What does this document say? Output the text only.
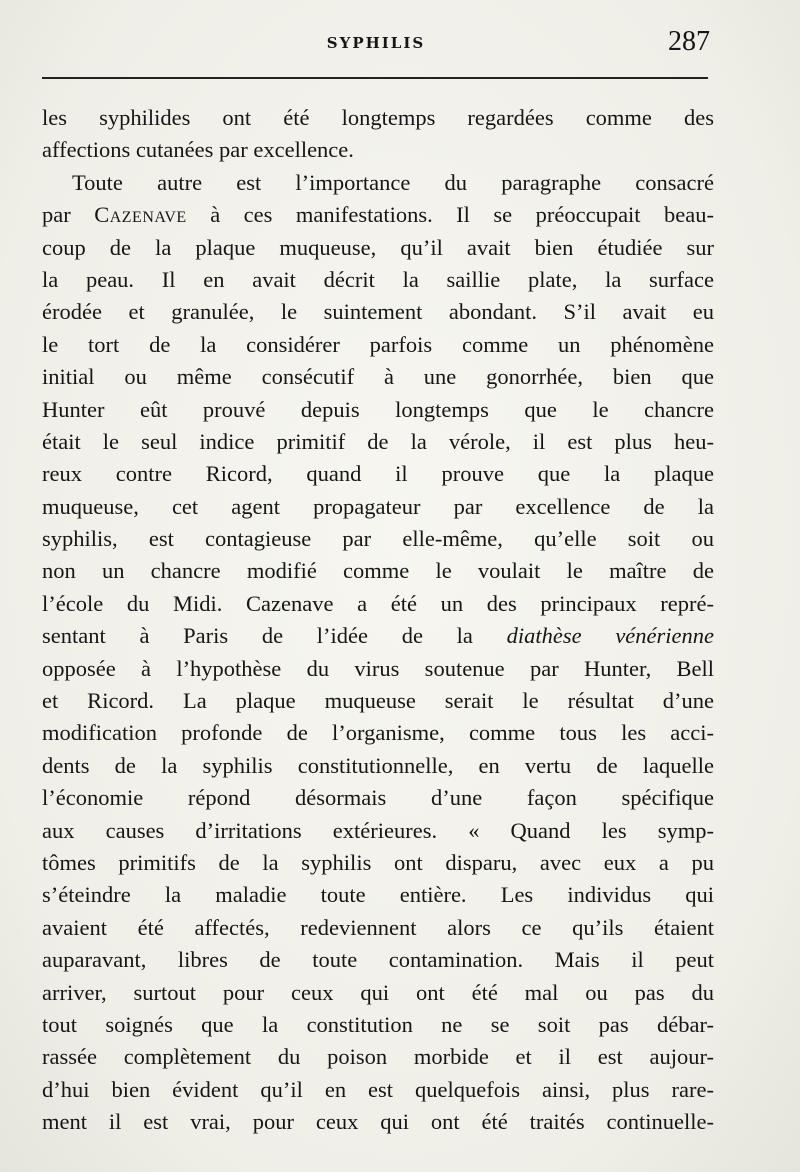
SYPHILIS	287
les syphilides ont été longtemps regardées comme des
affections cutanées par excellence.
Toute autre est l’importance du paragraphe consacré
par Cazenave à ces manifestations. Il se préoccupait beau-
coup de la plaque muqueuse, qu’il avait bien étudiée sur
la peau. Il en avait décrit la saillie plate, la surface
érodée et granulée, le suintement abondant. S’il avait eu
le tort de la considérer parfois comme un phénomène
initial ou même consécutif à une gonorrhée, bien que
Hunter eût prouvé depuis longtemps que le chancre
était le seul indice primitif de la vérole, il est plus heu-
reux contre Ricord, quand il prouve que la plaque
muqueuse, cet agent propagateur par excellence de la
syphilis, est contagieuse par elle-même, qu’elle soit ou
non un chancre modifié comme le voulait le maître de
l’école du Midi. Cazenave a été un des principaux repré-
sentant à Paris de l’idée de la diathèse vénérienne
opposée à l’hypothèse du virus soutenue par Hunter, Bell
et Ricord. La plaque muqueuse serait le résultat d’une
modification profonde de l’organisme, comme tous les acci-
dents de la syphilis constitutionnelle, en vertu de laquelle
l’économie répond désormais d’une façon spécifique
aux causes d’irritations extérieures. « Quand les symp-
tômes primitifs de la syphilis ont disparu, avec eux a pu
s’éteindre la maladie toute entière. Les individus qui
avaient été affectés, redeviennent alors ce qu’ils étaient
auparavant, libres de toute contamination. Mais il peut
arriver, surtout pour ceux qui ont été mal ou pas du
tout soignés que la constitution ne se soit pas débar-
rassée complètement du poison morbide et il est aujour-
d’hui bien évident qu’il en est quelquefois ainsi, plus rare-
ment il est vrai, pour ceux qui ont été traités continuelle-
